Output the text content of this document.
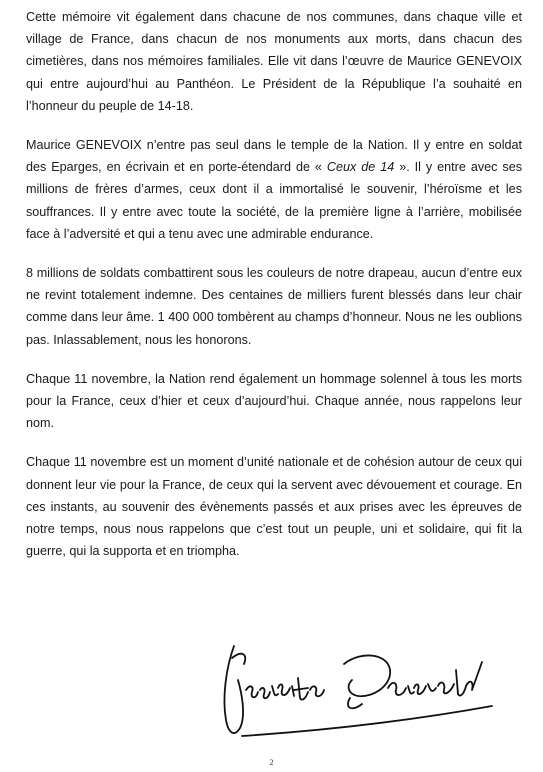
Cette mémoire vit également dans chacune de nos communes, dans chaque ville et village de France, dans chacun de nos monuments aux morts, dans chacun des cimetières, dans nos mémoires familiales. Elle vit dans l’œuvre de Maurice GENEVOIX qui entre aujourd’hui au Panthéon. Le Président de la République l’a souhaité en l’honneur du peuple de 14-18.

Maurice GENEVOIX n’entre pas seul dans le temple de la Nation. Il y entre en soldat des Eparges, en écrivain et en porte-étendard de « Ceux de 14 ». Il y entre avec ses millions de frères d’armes, ceux dont il a immortalisé le souvenir, l’héroïsme et les souffrances. Il y entre avec toute la société, de la première ligne à l’arrière, mobilisée face à l’adversité et qui a tenu avec une admirable endurance.

8 millions de soldats combattirent sous les couleurs de notre drapeau, aucun d’entre eux ne revint totalement indemne. Des centaines de milliers furent blessés dans leur chair comme dans leur âme. 1 400 000 tombèrent au champs d’honneur. Nous ne les oublions pas. Inlassablement, nous les honorons.

Chaque 11 novembre, la Nation rend également un hommage solennel à tous les morts pour la France, ceux d’hier et ceux d’aujourd’hui. Chaque année, nous rappelons leur nom.

Chaque 11 novembre est un moment d’unité nationale et de cohésion autour de ceux qui donnent leur vie pour la France, de ceux qui la servent avec dévouement et courage. En ces instants, au souvenir des évènements passés et aux prises avec les épreuves de notre temps, nous nous rappelons que c’est tout un peuple, uni et solidaire, qui fit la guerre, qui la supporta et en triompha.

2
